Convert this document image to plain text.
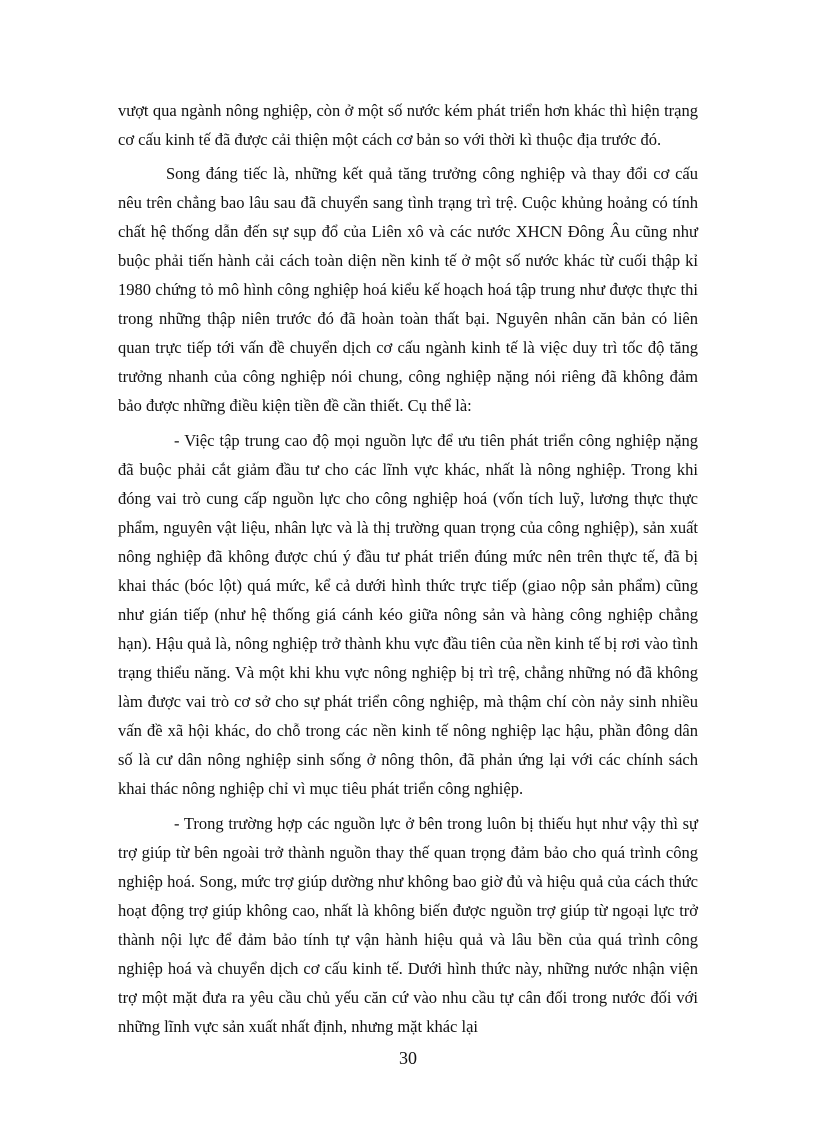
vượt qua ngành nông nghiệp, còn ở một số nước kém phát triển hơn khác thì hiện trạng cơ cấu kinh tế đã được cải thiện một cách cơ bản so với thời kì thuộc địa trước đó.

Song đáng tiếc là, những kết quả tăng trưởng công nghiệp và thay đổi cơ cấu nêu trên chẳng bao lâu sau đã chuyển sang tình trạng trì trệ. Cuộc khủng hoảng có tính chất hệ thống dẫn đến sự sụp đổ của Liên xô và các nước XHCN Đông Âu cũng như buộc phải tiến hành cải cách toàn diện nền kinh tế ở một số nước khác từ cuối thập kỉ 1980 chứng tỏ mô hình công nghiệp hoá kiểu kế hoạch hoá tập trung như được thực thi trong những thập niên trước đó đã hoàn toàn thất bại. Nguyên nhân căn bản có liên quan trực tiếp tới vấn đề chuyển dịch cơ cấu ngành kinh tế là việc duy trì tốc độ tăng trưởng nhanh của công nghiệp nói chung, công nghiệp nặng nói riêng đã không đảm bảo được những điều kiện tiền đề cần thiết. Cụ thể là:

- Việc tập trung cao độ mọi nguồn lực để ưu tiên phát triển công nghiệp nặng đã buộc phải cắt giảm đầu tư cho các lĩnh vực khác, nhất là nông nghiệp. Trong khi đóng vai trò cung cấp nguồn lực cho công nghiệp hoá (vốn tích luỹ, lương thực thực phẩm, nguyên vật liệu, nhân lực và là thị trường quan trọng của công nghiệp), sản xuất nông nghiệp đã không được chú ý đầu tư phát triển đúng mức nên trên thực tế, đã bị khai thác (bóc lột) quá mức, kể cả dưới hình thức trực tiếp (giao nộp sản phẩm) cũng như gián tiếp (như hệ thống giá cánh kéo giữa nông sản và hàng công nghiệp chẳng hạn). Hậu quả là, nông nghiệp trở thành khu vực đầu tiên của nền kinh tế bị rơi vào tình trạng thiểu năng. Và một khi khu vực nông nghiệp bị trì trệ, chẳng những nó đã không làm được vai trò cơ sở cho sự phát triển công nghiệp, mà thậm chí còn nảy sinh nhiều vấn đề xã hội khác, do chỗ trong các nền kinh tế nông nghiệp lạc hậu, phần đông dân số là cư dân nông nghiệp sinh sống ở nông thôn, đã phản ứng lại với các chính sách khai thác nông nghiệp chỉ vì mục tiêu phát triển công nghiệp.

- Trong trường hợp các nguồn lực ở bên trong luôn bị thiếu hụt như vậy thì sự trợ giúp từ bên ngoài trở thành nguồn thay thế quan trọng đảm bảo cho quá trình công nghiệp hoá. Song, mức trợ giúp dường như không bao giờ đủ và hiệu quả của cách thức hoạt động trợ giúp không cao, nhất là không biến được nguồn trợ giúp từ ngoại lực trở thành nội lực để đảm bảo tính tự vận hành hiệu quả và lâu bền của quá trình công nghiệp hoá và chuyển dịch cơ cấu kinh tế. Dưới hình thức này, những nước nhận viện trợ một mặt đưa ra yêu cầu chủ yếu căn cứ vào nhu cầu tự cân đối trong nước đối với những lĩnh vực sản xuất nhất định, nhưng mặt khác lại

30
